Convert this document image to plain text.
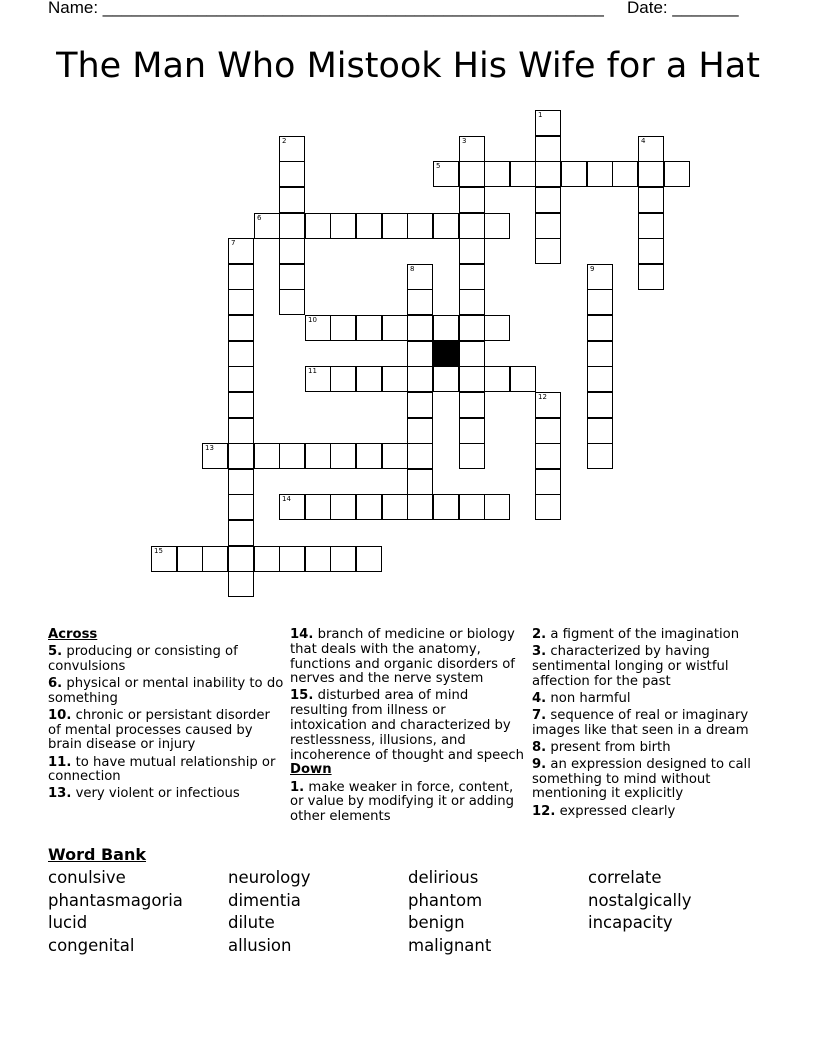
Name: _____________________________________________________ Date: _______
The Man Who Mistook His Wife for a Hat
5
6
10
11
13
14
15
1
2	3	4
7
8	9
12
Across
5. producing or consisting of convulsions
6. physical or mental inability to do something
10. chronic or persistant disorder of mental processes caused by brain disease or injury
11. to have mutual relationship or connection
13. very violent or infectious
14. branch of medicine or biology that deals with the anatomy, functions and organic disorders of nerves and the nerve system
15. disturbed area of mind resulting from illness or intoxication and characterized by restlessness, illusions, and incoherence of thought and speech
Down
1. make weaker in force, content, or value by modifying it or adding other elements
2. a figment of the imagination
3. characterized by having sentimental longing or wistful affection for the past
4. non harmful
7. sequence of real or imaginary images like that seen in a dream
8. present from birth
9. an expression designed to call something to mind without mentioning it explicitly
12. expressed clearly
Word Bank
conulsive	neurology	delirious	correlate
phantasmagoria	dimentia	phantom	nostalgically
lucid	dilute	benign	incapacity
congenital	allusion	malignant
